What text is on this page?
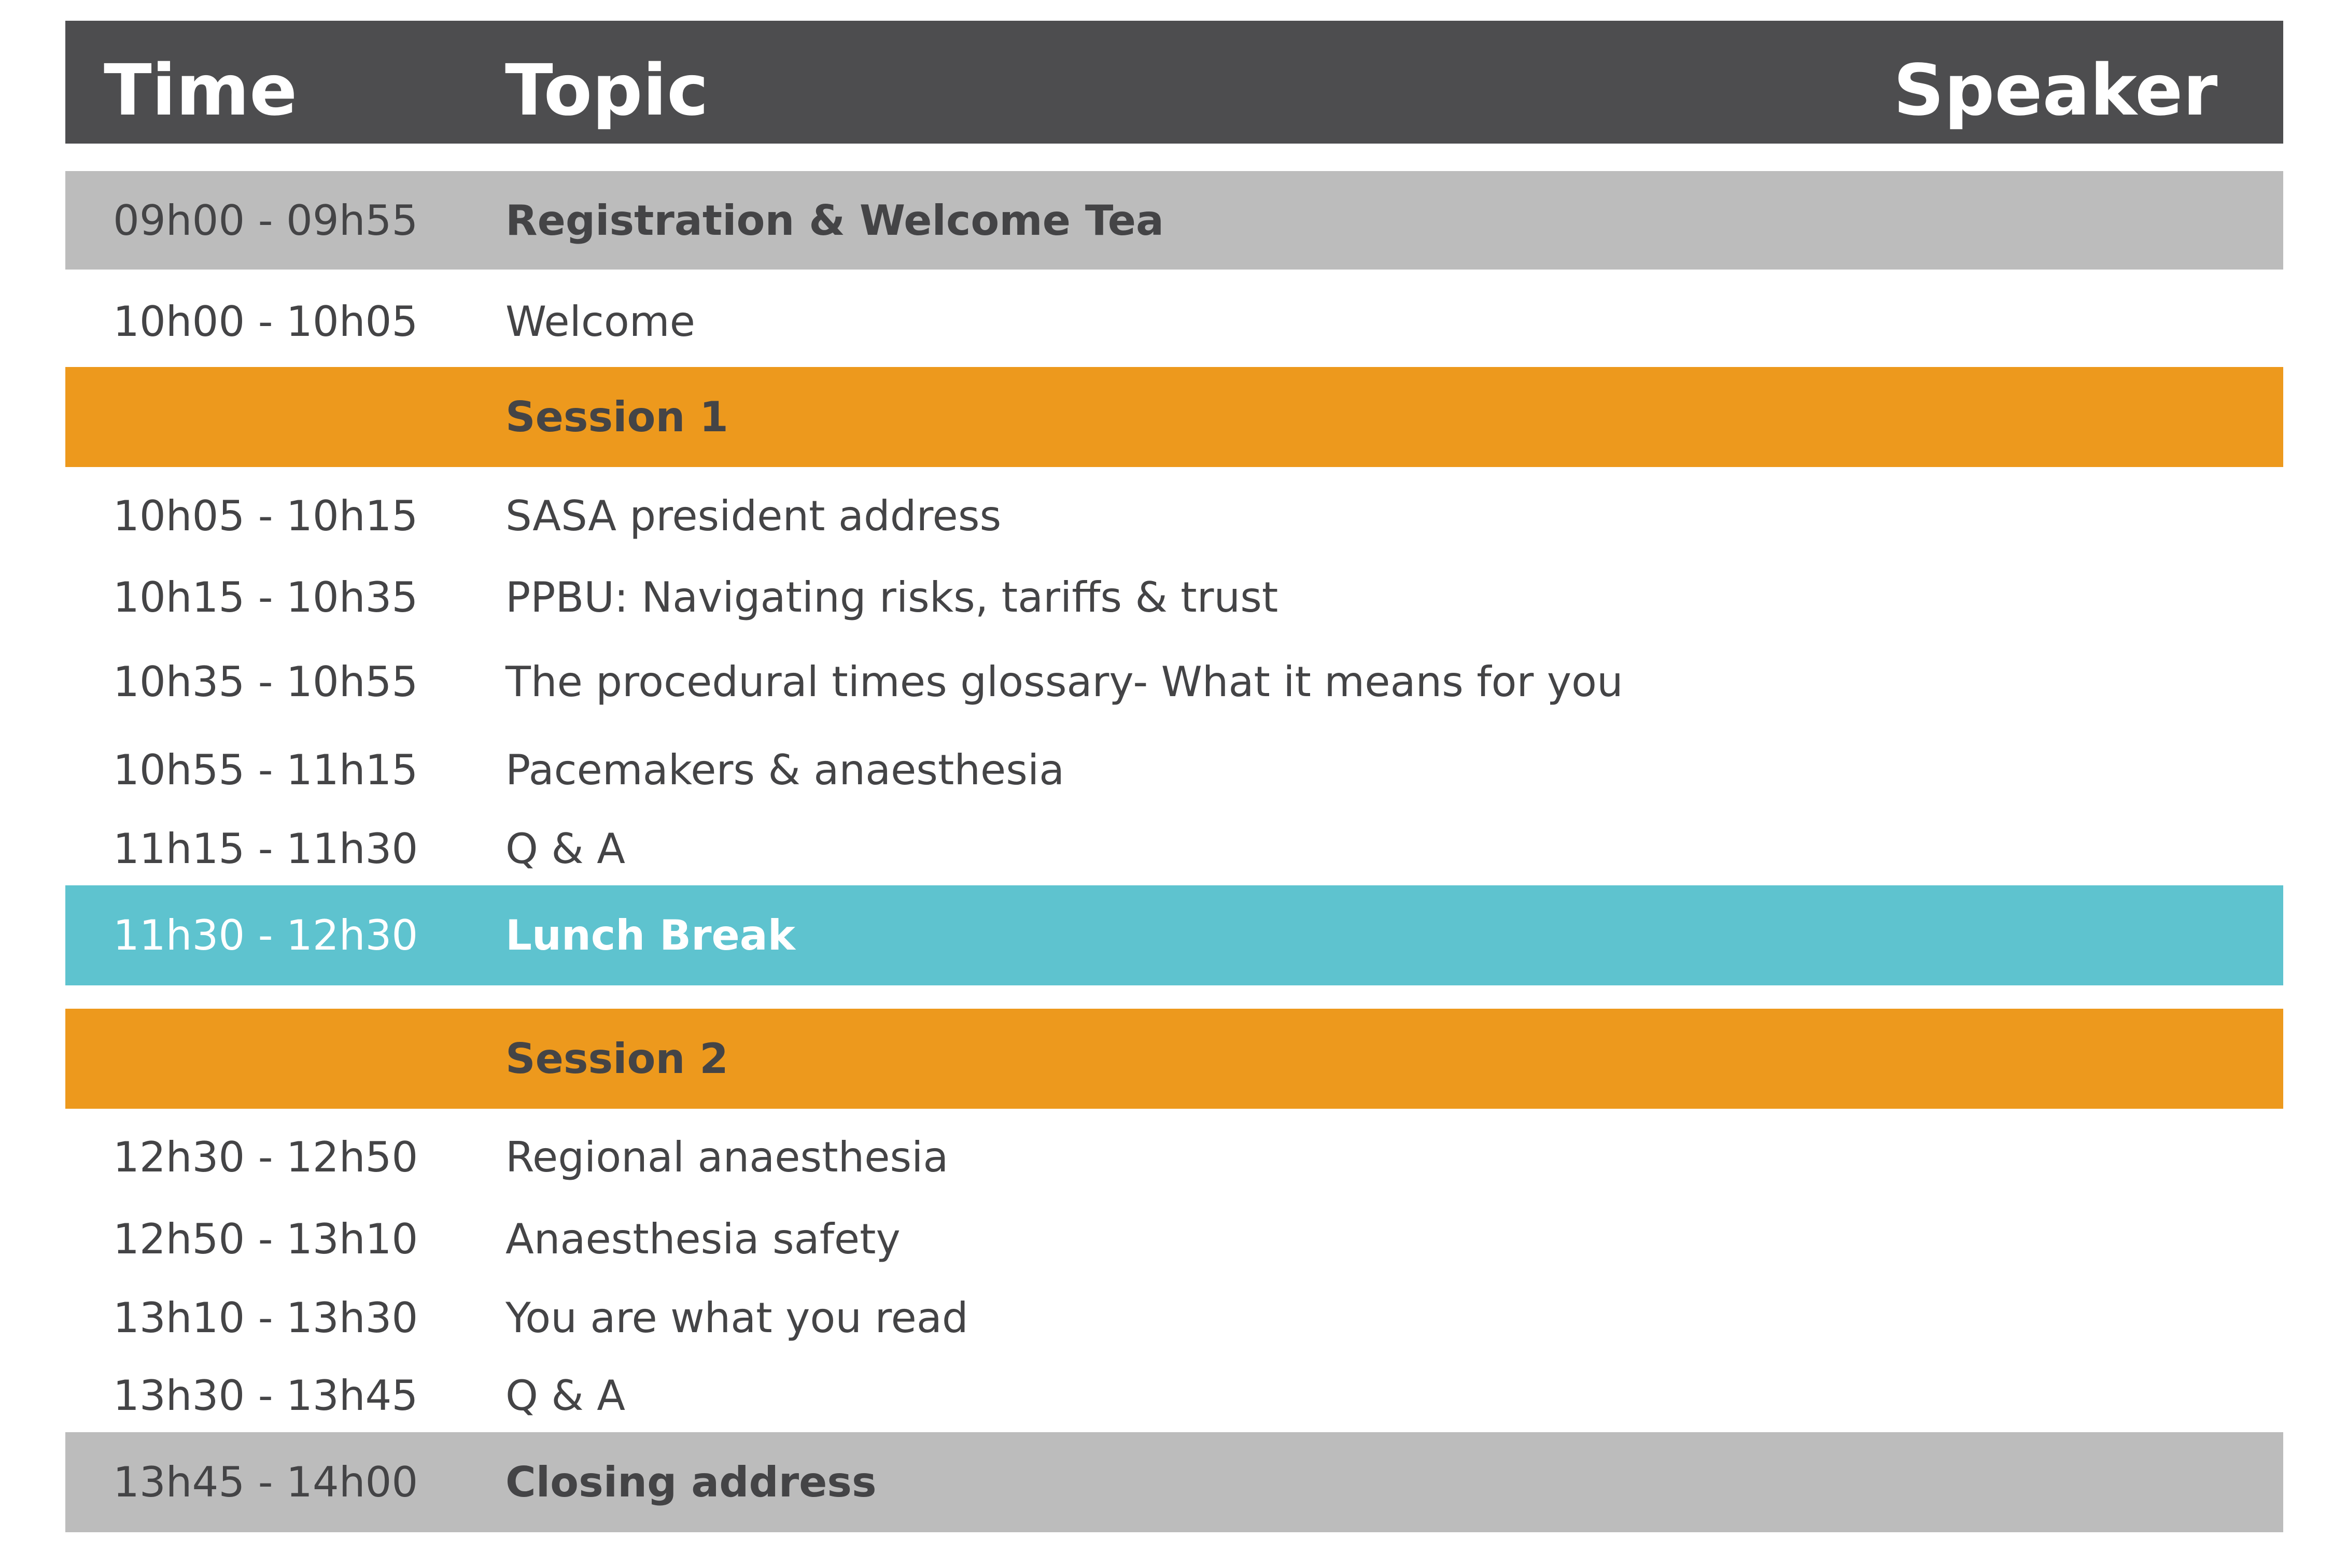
Time	Topic	Speaker
09h00 - 09h55 Registration & Welcome Tea
10h00 - 10h05 Welcome
Session 1
10h05 - 10h15 SASA president address
10h15 - 10h35 PPBU: Navigating risks, tariffs & trust
10h35 - 10h55 The procedural times glossary- What it means for you
10h55 - 11h15 Pacemakers & anaesthesia
11h15 - 11h30 Q & A
11h30 - 12h30 Lunch Break
Session 2
12h30 - 12h50 Regional anaesthesia
12h50 - 13h10 Anaesthesia safety
13h10 - 13h30 You are what you read
13h30 - 13h45 Q & A
13h45 - 14h00 Closing address
